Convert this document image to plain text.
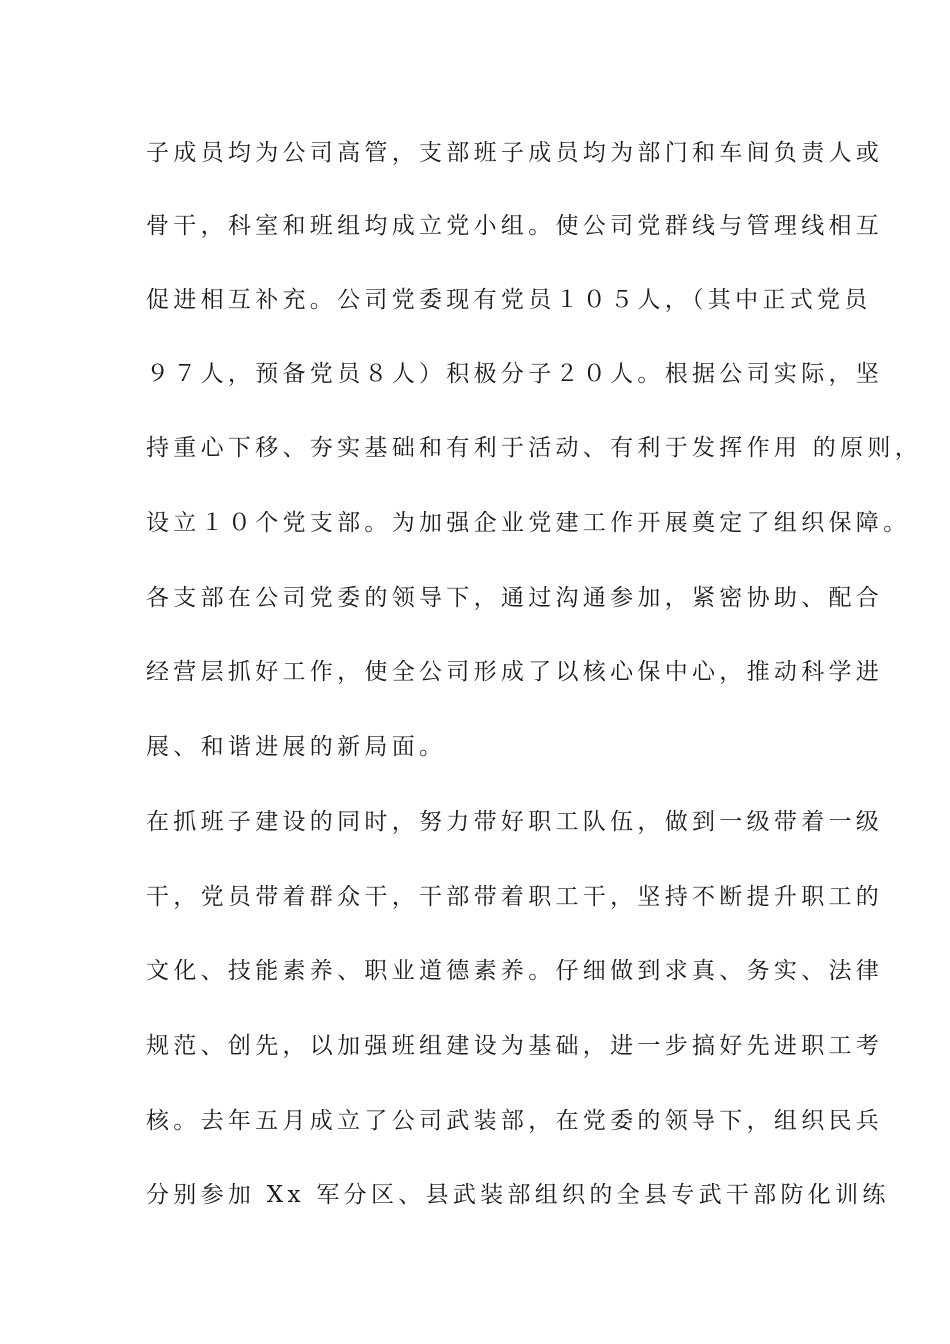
子成员均为公司高管，支部班子成员均为部门和车间负责人或
骨干，科室和班组均成立党小组。使公司党群线与管理线相互
促进相互补充。公司党委现有党员１０５人，（其中正式党员
９７人，预备党员８人）积极分子２０人。根据公司实际，坚
持重心下移、夯实基础和有利于活动、有利于发挥作用 的原则，
设立１０个党支部。为加强企业党建工作开展奠定了组织保障。
各支部在公司党委的领导下，通过沟通参加，紧密协助、配合
经营层抓好工作，使全公司形成了以核心保中心，推动科学进
展、和谐进展的新局面。
在抓班子建设的同时，努力带好职工队伍，做到一级带着一级
干，党员带着群众干，干部带着职工干，坚持不断提升职工的
文化、技能素养、职业道德素养。仔细做到求真、务实、法律
规范、创先，以加强班组建设为基础，进一步搞好先进职工考
核。去年五月成立了公司武装部，在党委的领导下，组织民兵
分别参加 Xx 军分区、县武装部组织的全县专武干部防化训练
